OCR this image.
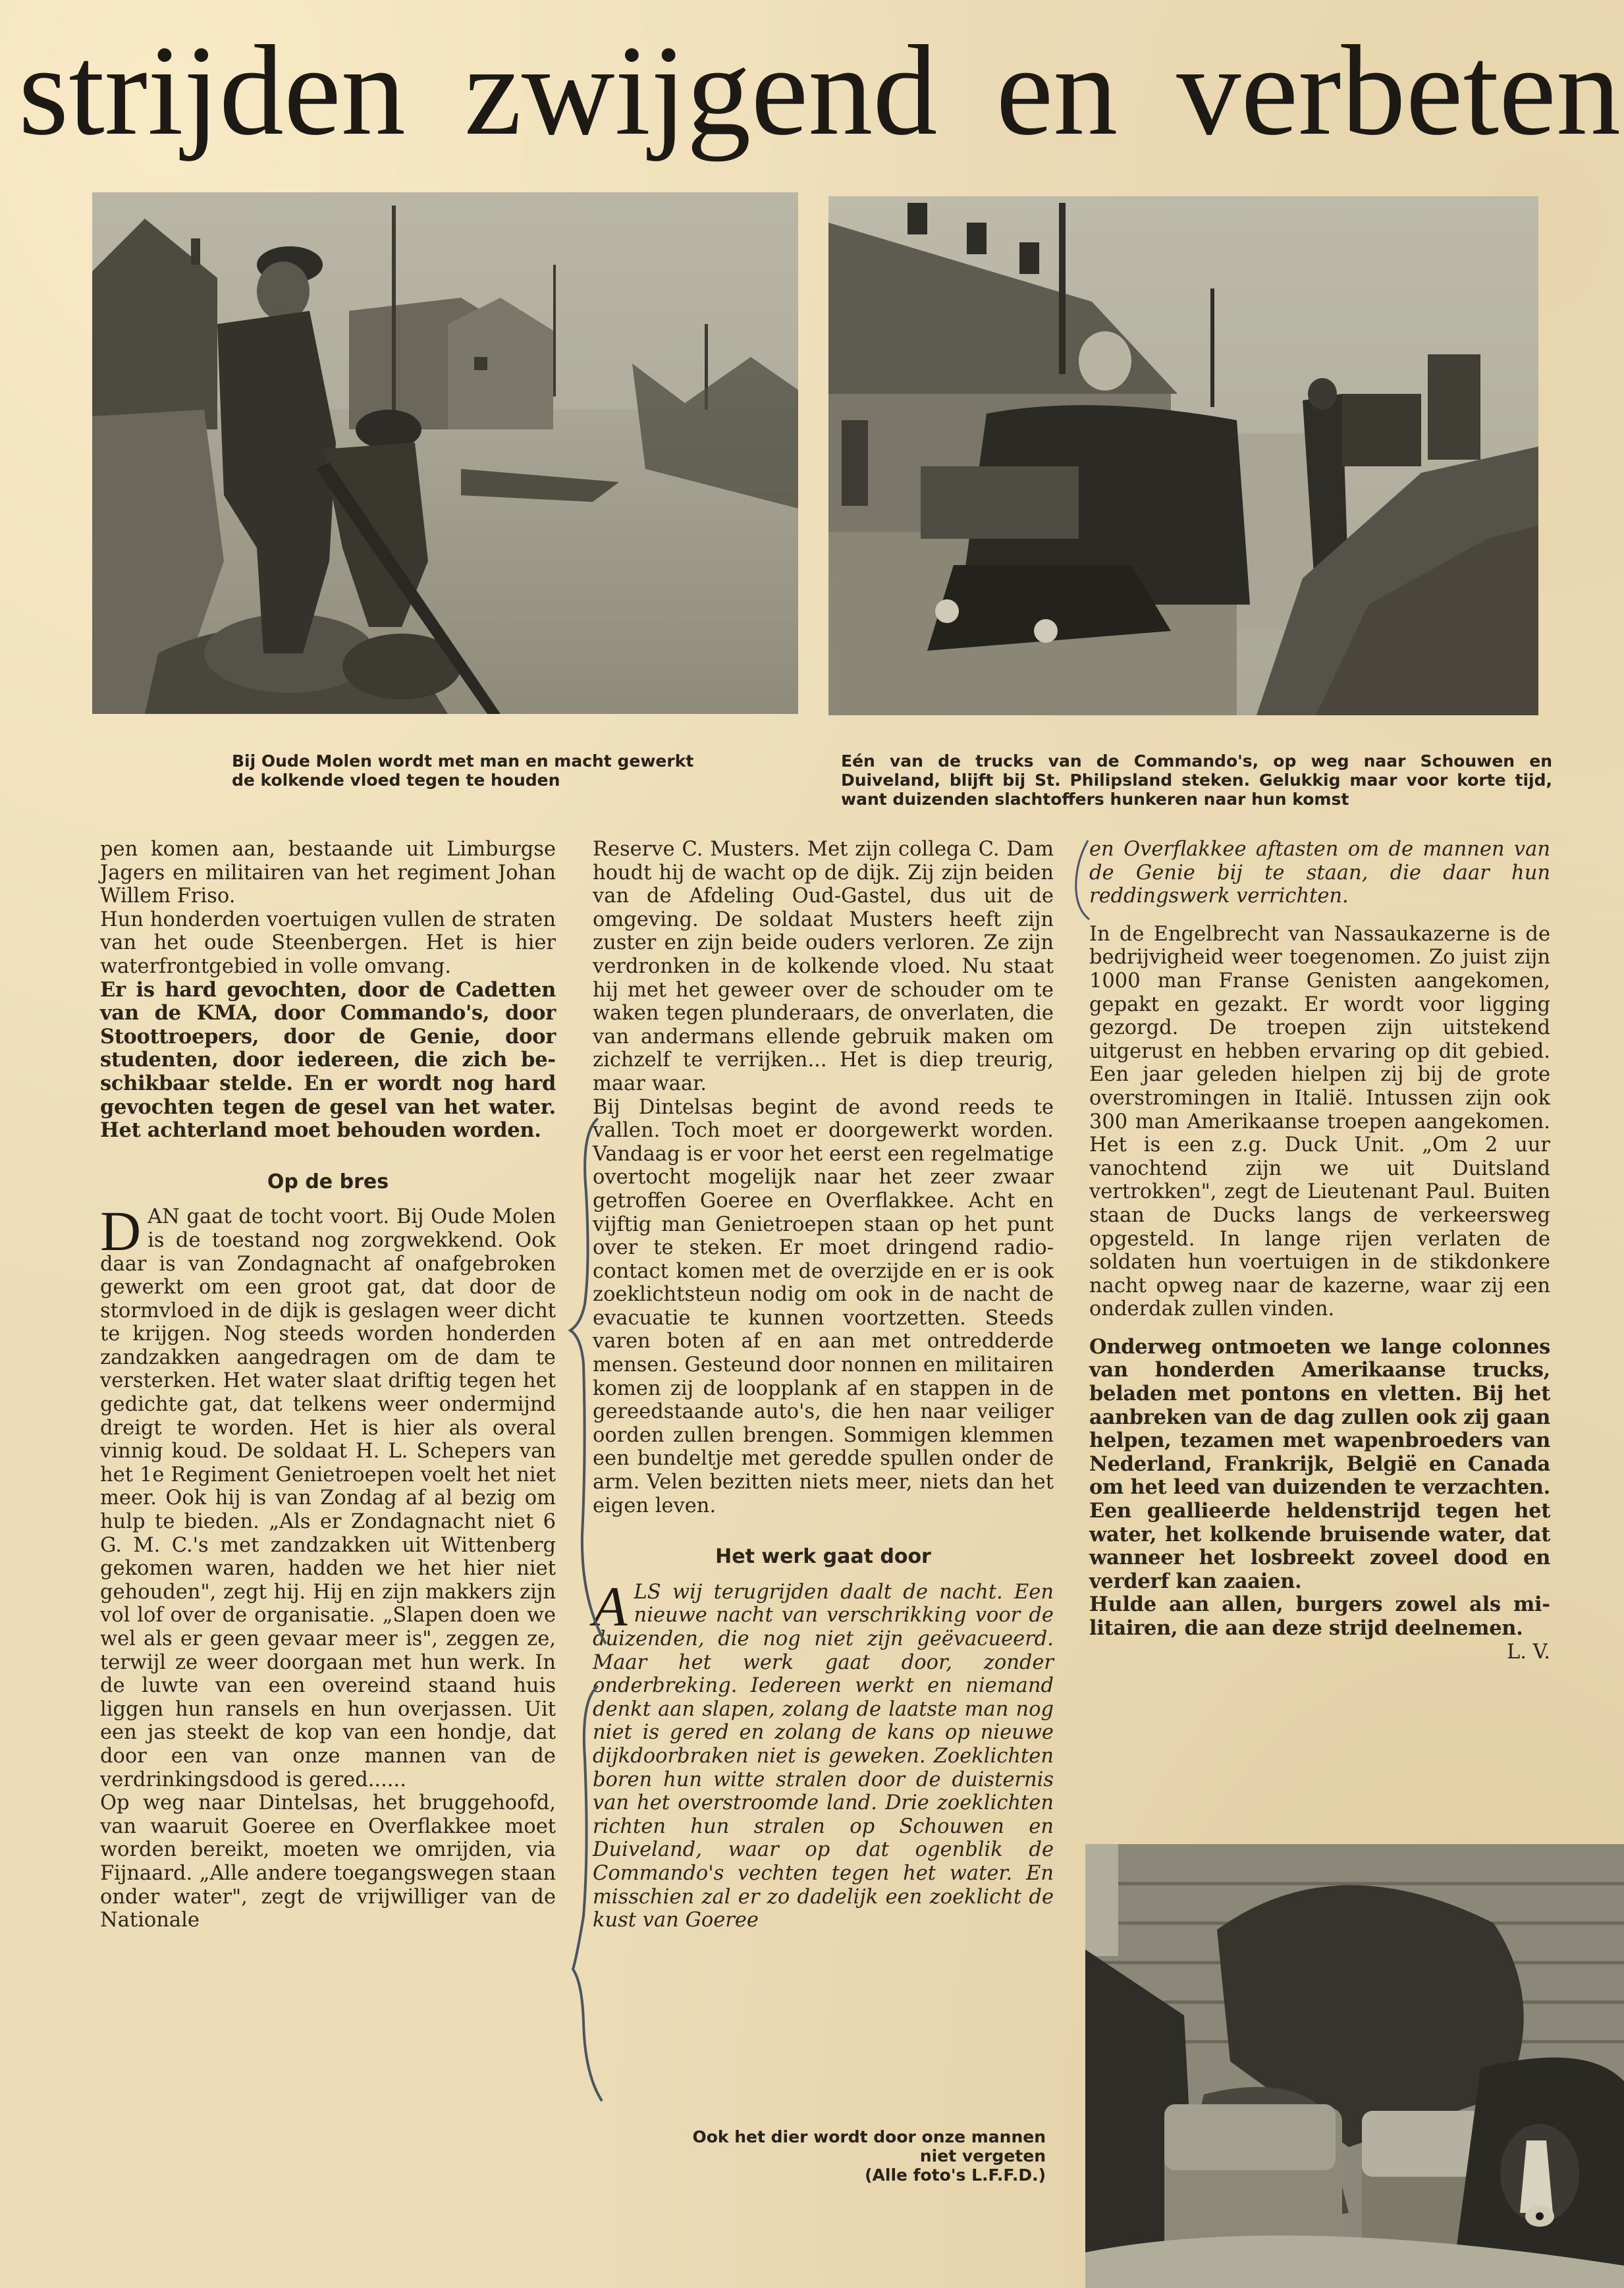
strijden zwijgend en verbeten
Bij Oude Molen wordt met man en macht gewerkt de kolkende vloed tegen te houden
Eén van de trucks van de Commando's, op weg naar Schouwen en Duiveland, blijft bij St. Philipsland steken. Gelukkig maar voor korte tijd, want duizenden slachtoffers hunkeren naar hun komst
Ook het dier wordt door onze mannen
niet vergeten
(Alle foto's L.F.F.D.)

pen komen aan, bestaande uit Limburgse Jagers en militairen van het regiment Johan Willem Friso.

Hun honderden voertuigen vullen de straten van het oude Steenbergen. Het is hier waterfrontgebied in volle omvang.

Er is hard gevochten, door de Cadetten van de KMA, door Commando's, door Stoottroepers, door de Genie, door studenten, door iedereen, die zich beschikbaar stelde. En er wordt nog hard gevochten tegen de gesel van het water. Het achterland moet behouden worden.

Op de bres

DAN gaat de tocht voort. Bij Oude Molen is de toestand nog zorgwekkend. Ook daar is van Zondagnacht af onafgebroken gewerkt om een groot gat, dat door de stormvloed in de dijk is geslagen weer dicht te krijgen. Nog steeds worden honderden zandzakken aangedragen om de dam te versterken. Het water slaat driftig tegen het gedichte gat, dat telkens weer ondermijnd dreigt te worden. Het is hier als overal vinnig koud. De soldaat H. L. Schepers van het 1e Regiment Genietroepen voelt het niet meer. Ook hij is van Zondag af al bezig om hulp te bieden. „Als er Zondagnacht niet 6 G. M. C.'s met zandzakken uit Wittenberg gekomen waren, hadden we het hier niet gehouden", zegt hij. Hij en zijn makkers zijn vol lof over de organisatie. „Slapen doen we wel als er geen gevaar meer is", zeggen ze, terwijl ze weer doorgaan met hun werk. In de luwte van een overeind staand huis liggen hun ransels en hun overjassen. Uit een jas steekt de kop van een hondje, dat door een van onze mannen van de verdrinkingsdood is gered......

Op weg naar Dintelsas, het bruggehoofd, van waaruit Goeree en Overflakkee moet worden bereikt, moeten we omrijden, via Fijnaard. „Alle andere toegangswegen staan onder water", zegt de vrijwilliger van de Nationale

Reserve C. Musters. Met zijn collega C. Dam houdt hij de wacht op de dijk. Zij zijn beiden van de Afdeling Oud-Gastel, dus uit de omgeving. De soldaat Musters heeft zijn zuster en zijn beide ouders verloren. Ze zijn verdronken in de kolkende vloed. Nu staat hij met het geweer over de schouder om te waken tegen plunderaars, de onverlaten, die van andermans ellende gebruik maken om zichzelf te verrijken... Het is diep treurig, maar waar.

Bij Dintelsas begint de avond reeds te vallen. Toch moet er doorgewerkt worden. Vandaag is er voor het eerst een regelmatige overtocht mogelijk naar het zeer zwaar getroffen Goeree en Overflakkee. Acht en vijftig man Genietroepen staan op het punt over te steken. Er moet dringend radiocontact komen met de overzijde en er is ook zoeklichtsteun nodig om ook in de nacht de evacuatie te kunnen voortzetten. Steeds varen boten af en aan met ontredderde mensen. Gesteund door nonnen en militairen komen zij de loopplank af en stappen in de gereedstaande auto's, die hen naar veiliger oorden zullen brengen. Sommigen klemmen een bundeltje met geredde spullen onder de arm. Velen bezitten niets meer, niets dan het eigen leven.

Het werk gaat door

ALS wij terugrijden daalt de nacht. Een nieuwe nacht van verschrikking voor de duizenden, die nog niet zijn geëvacueerd. Maar het werk gaat door, zonder onderbreking. Iedereen werkt en niemand denkt aan slapen, zolang de laatste man nog niet is gered en zolang de kans op nieuwe dijkdoorbraken niet is geweken. Zoeklichten boren hun witte stralen door de duisternis van het overstroomde land. Drie zoeklichten richten hun stralen op Schouwen en Duiveland, waar op dat ogenblik de Commando's vechten tegen het water. En misschien zal er zo dadelijk een zoeklicht de kust van Goeree

en Overflakkee aftasten om de mannen van de Genie bij te staan, die daar hun reddingswerk verrichten.

In de Engelbrecht van Nassaukazerne is de bedrijvigheid weer toegenomen. Zo juist zijn 1000 man Franse Genisten aangekomen, gepakt en gezakt. Er wordt voor ligging gezorgd. De troepen zijn uitstekend uitgerust en hebben ervaring op dit gebied. Een jaar geleden hielpen zij bij de grote overstromingen in Italië. Intussen zijn ook 300 man Amerikaanse troepen aangekomen. Het is een z.g. Duck Unit. „Om 2 uur vanochtend zijn we uit Duitsland vertrokken", zegt de Lieutenant Paul. Buiten staan de Ducks langs de verkeersweg opgesteld. In lange rijen verlaten de soldaten hun voertuigen in de stikdonkere nacht opweg naar de kazerne, waar zij een onderdak zullen vinden.

Onderweg ontmoeten we lange colonnes van honderden Amerikaanse trucks, beladen met pontons en vletten. Bij het aanbreken van de dag zullen ook zij gaan helpen, tezamen met wapenbroeders van Nederland, Frankrijk, België en Canada om het leed van duizenden te verzachten. Een geallieerde heldenstrijd tegen het water, het kolkende bruisende water, dat wanneer het losbreekt zoveel dood en verderf kan zaaien.

Hulde aan allen, burgers zowel als militairen, die aan deze strijd deelnemen.

L. V.
